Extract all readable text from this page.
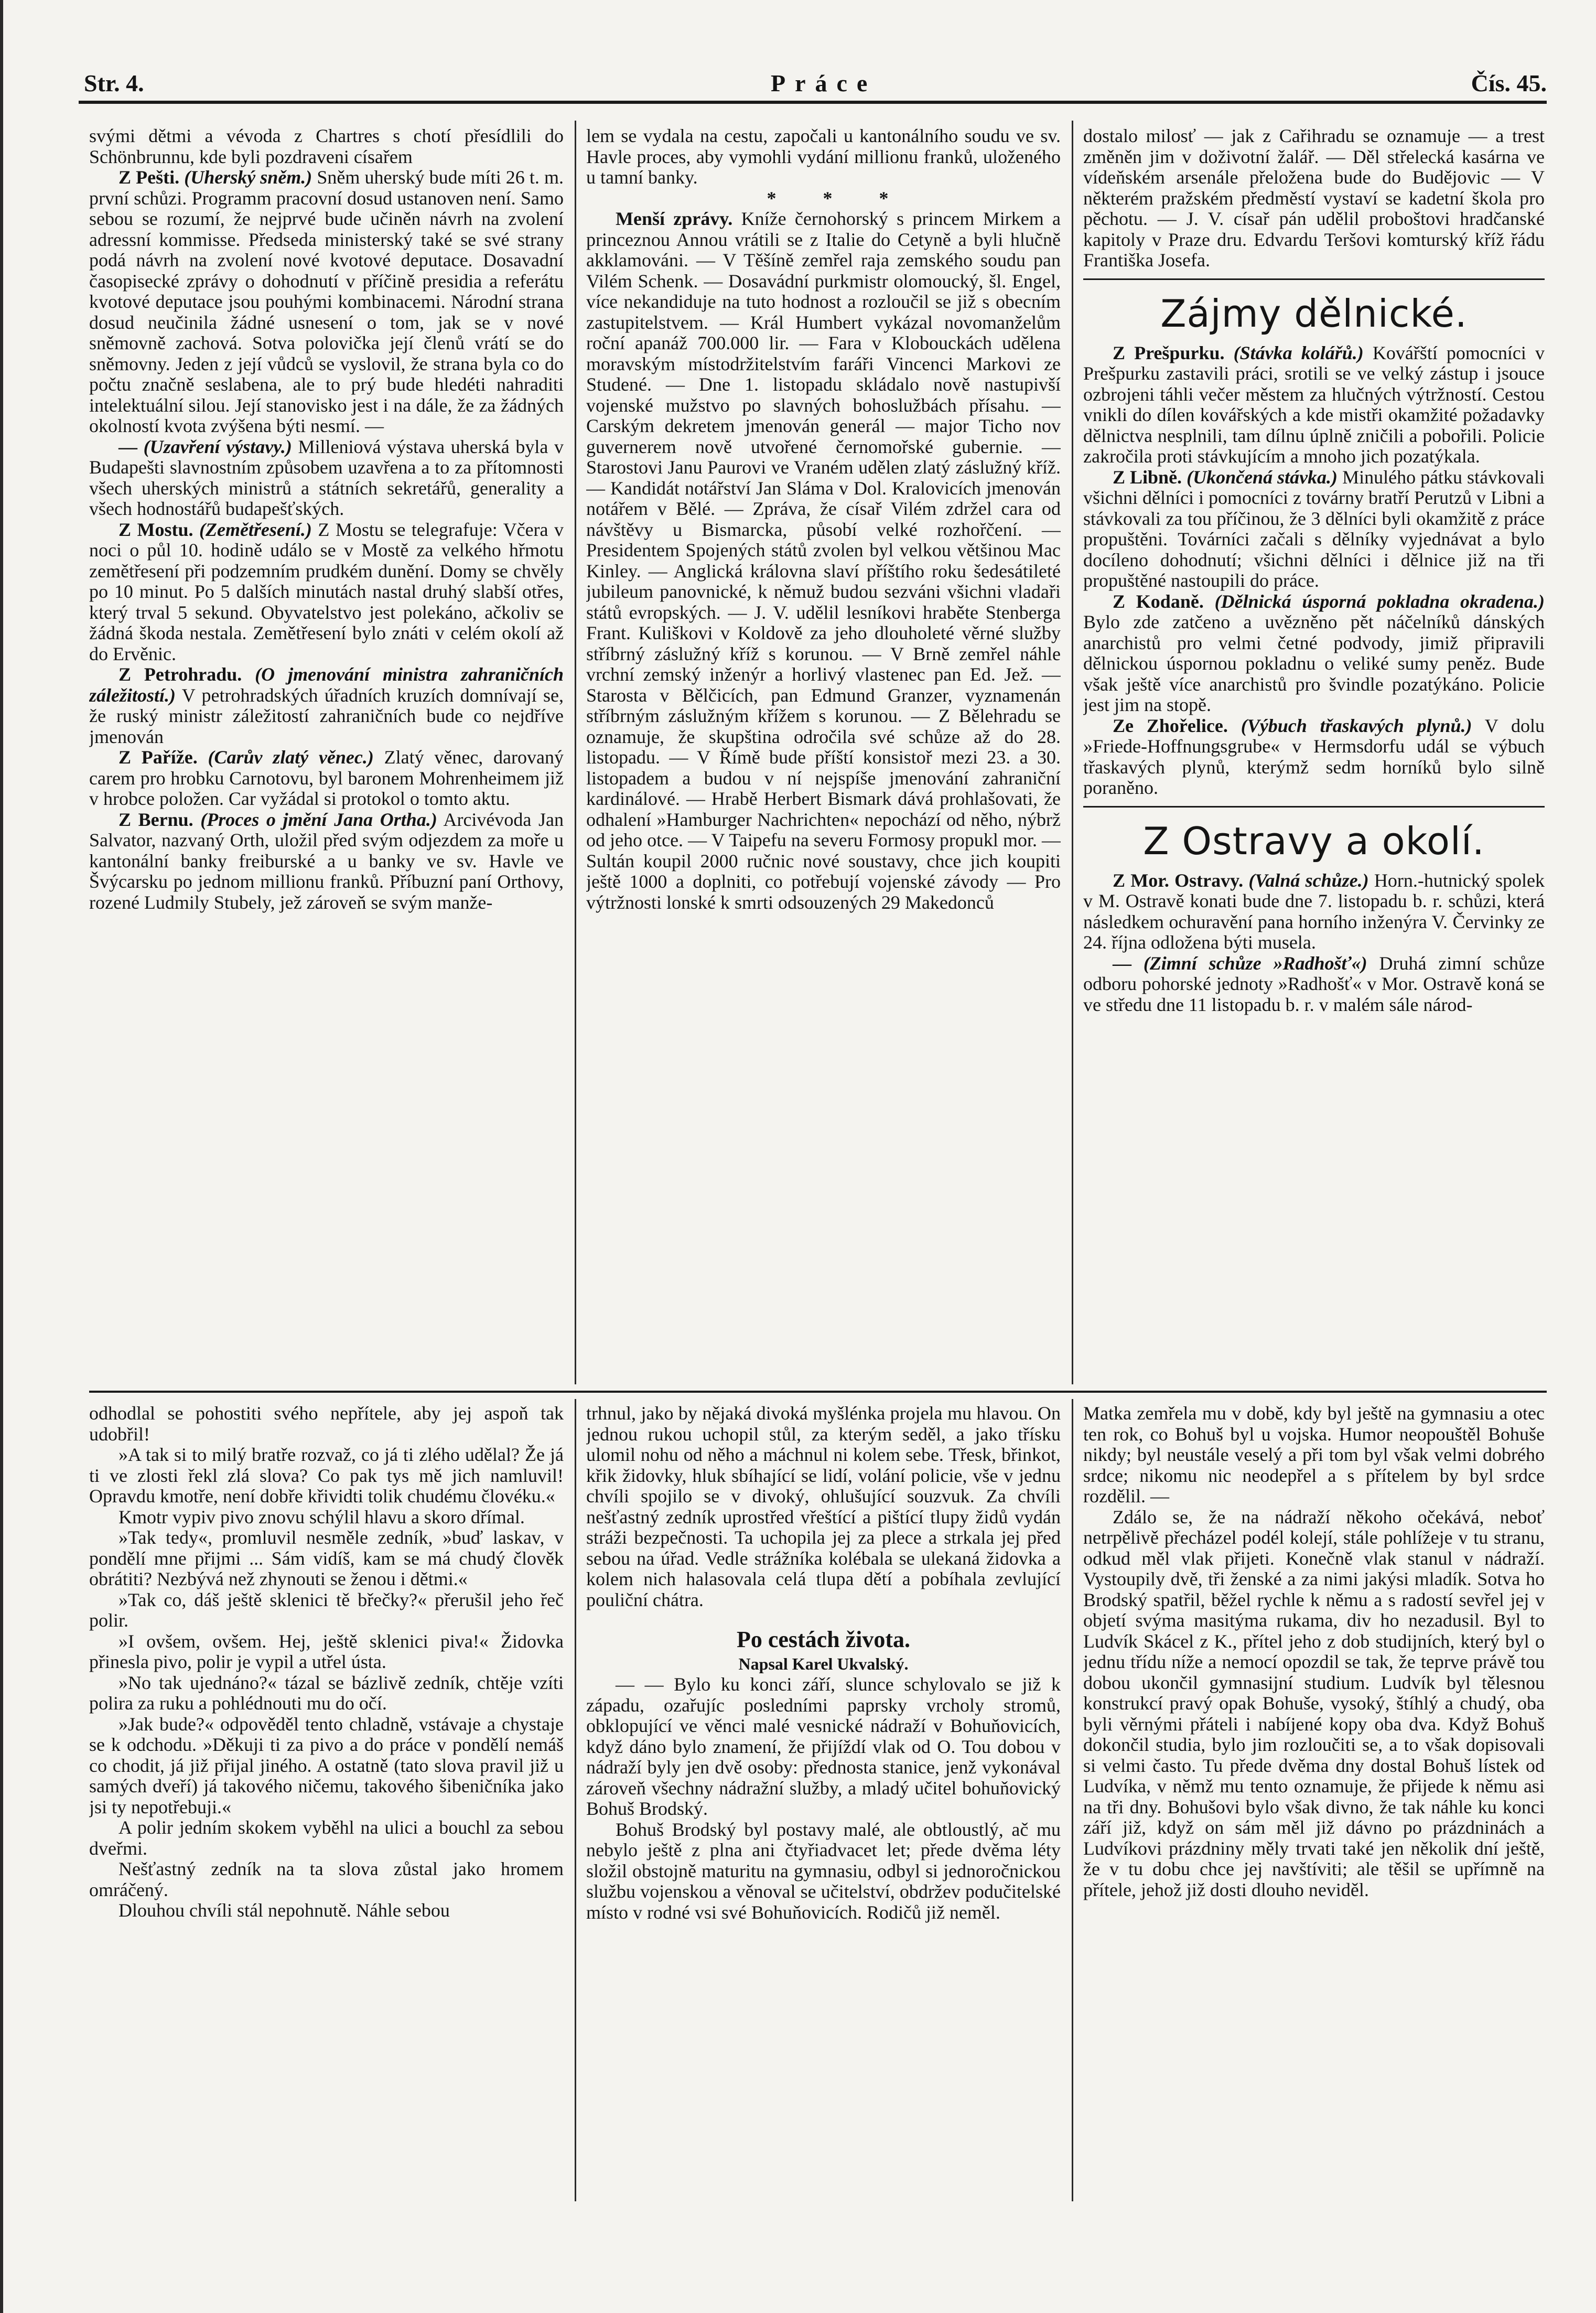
Str. 4.	Práce	Čís. 45.

svými dětmi a vévoda z Chartres s chotí přesídlili do Schönbrunnu, kde byli pozdraveni císařem

Z Pešti. (Uherský sněm.) Sněm uherský bude míti 26 t. m. první schůzi. Programm pracovní dosud ustanoven není. Samo sebou se rozumí, že nejprvé bude učiněn návrh na zvolení adressní kommisse. Předseda ministerský také se své strany podá návrh na zvolení nové kvotové deputace. Dosavadní časopisecké zprávy o dohodnutí v příčině presidia a referátu kvotové deputace jsou pouhými kombinacemi. Národní strana dosud neučinila žádné usnesení o tom, jak se v nové sněmovně zachová. Sotva polovička její členů vrátí se do sněmovny. Jeden z její vůdců se vyslovil, že strana byla co do počtu značně seslabena, ale to prý bude hledéti nahraditi intelektuální silou. Její stanovisko jest i na dále, že za žádných okolností kvota zvýšena býti nesmí. —

— (Uzavření výstavy.) Milleniová výstava uherská byla v Budapešti slavnostním způsobem uzavřena a to za přítomnosti všech uherských ministrů a státních sekretářů, generality a všech hodnostářů budapešťských.

Z Mostu. (Zemětřesení.) Z Mostu se telegrafuje: Včera v noci o půl 10. hodině událo se v Mostě za velkého hřmotu zemětřesení při podzemním prudkém dunění. Domy se chvěly po 10 minut. Po 5 dalších minutách nastal druhý slabší otřes, který trval 5 sekund. Obyvatelstvo jest polekáno, ačkoliv se žádná škoda nestala. Zemětřesení bylo znáti v celém okolí až do Ervěnic.

Z Petrohradu. (O jmenování ministra zahraničních záležitostí.) V petrohradských úřadních kruzích domnívají se, že ruský ministr záležitostí zahraničních bude co nejdříve jmenován

Z Paříže. (Carův zlatý věnec.) Zlatý věnec, darovaný carem pro hrobku Carnotovu, byl baronem Mohrenheimem již v hrobce položen. Car vyžádal si protokol o tomto aktu.

Z Bernu. (Proces o jmění Jana Ortha.) Arcivévoda Jan Salvator, nazvaný Orth, uložil před svým odjezdem za moře u kantonální banky freiburské a u banky ve sv. Havle ve Švýcarsku po jednom millionu franků. Příbuzní paní Orthovy, rozené Ludmily Stubely, jež zároveň se svým manže-

lem se vydala na cestu, započali u kantonálního soudu ve sv. Havle proces, aby vymohli vydání millionu franků, uloženého u tamní banky.

* * *

Menší zprávy. Kníže černohorský s princem Mirkem a princeznou Annou vrátili se z Italie do Cetyně a byli hlučně akklamováni. — V Těšíně zemřel raja zemského soudu pan Vilém Schenk. — Dosavádní purkmistr olomoucký, šl. Engel, více nekandiduje na tuto hodnost a rozloučil se již s obecním zastupitelstvem. — Král Humbert vykázal novomanželům roční apanáž 700.000 lir. — Fara v Klobouckách udělena moravským místodržitelstvím faráři Vincenci Markovi ze Studené. — Dne 1. listopadu skládalo nově nastupivší vojenské mužstvo po slavných bohoslužbách přísahu. — Carským dekretem jmenován generál — major Ticho nov guvernerem nově utvořené černomořské gubernie. — Starostovi Janu Paurovi ve Vraném udělen zlatý záslužný kříž. — Kandidát notářství Jan Sláma v Dol. Kralovicích jmenován notářem v Bělé. — Zpráva, že císař Vilém zdržel cara od návštěvy u Bismarcka, působí velké rozhořčení. — Presidentem Spojených států zvolen byl velkou většinou Mac Kinley. — Anglická královna slaví příštího roku šedesátileté jubileum panovnické, k němuž budou sezváni všichni vladaři států evropských. — J. V. udělil lesníkovi hraběte Stenberga Frant. Kuliškovi v Koldově za jeho dlouholeté věrné služby stříbrný záslužný kříž s korunou. — V Brně zemřel náhle vrchní zemský inženýr a horlivý vlastenec pan Ed. Jež. — Starosta v Bělčicích, pan Edmund Granzer, vyznamenán stříbrným záslužným křížem s korunou. — Z Bělehradu se oznamuje, že skupština odročila své schůze až do 28. listopadu. — V Římě bude příští konsistoř mezi 23. a 30. listopadem a budou v ní nejspíše jmenování zahraniční kardinálové. — Hrabě Herbert Bismark dává prohlašovati, že odhalení »Hamburger Nachrichten« nepochází od něho, nýbrž od jeho otce. — V Taipefu na severu Formosy propukl mor. — Sultán koupil 2000 ručnic nové soustavy, chce jich koupiti ještě 1000 a doplniti, co potřebují vojenské závody — Pro výtržnosti lonské k smrti odsouzených 29 Makedonců

dostalo milosť — jak z Cařihradu se oznamuje — a trest změněn jim v doživotní žalář. — Děl střelecká kasárna ve vídeňském arsenále přeložena bude do Budějovic — V některém pražském předměstí vystaví se kadetní škola pro pěchotu. — J. V. císař pán udělil proboštovi hradčanské kapitoly v Praze dru. Edvardu Teršovi komturský kříž řádu Františka Josefa.

Zájmy dělnické.

Z Prešpurku. (Stávka kolářů.) Kovářští pomocníci v Prešpurku zastavili práci, srotili se ve velký zástup i jsouce ozbrojeni táhli večer městem za hlučných výtržností. Cestou vnikli do dílen kovářských a kde mistři okamžité požadavky dělnictva nesplnili, tam dílnu úplně zničili a pobořili. Policie zakročila proti stávkujícím a mnoho jich pozatýkala.

Z Libně. (Ukončená stávka.) Minulého pátku stávkovali všichni dělníci i pomocníci z továrny bratří Perutzů v Libni a stávkovali za tou příčinou, že 3 dělníci byli okamžitě z práce propuštěni. Továrníci začali s dělníky vyjednávat a bylo docíleno dohodnutí; všichni dělníci i dělnice již na tři propuštěné nastoupili do práce.

Z Kodaně. (Dělnická úsporná pokladna okradena.) Bylo zde zatčeno a uvězněno pět náčelníků dánských anarchistů pro velmi četné podvody, jimiž připravili dělnickou úspornou pokladnu o veliké sumy peněz. Bude však ještě více anarchistů pro švindle pozatýkáno. Policie jest jim na stopě.

Ze Zhořelice. (Výbuch třaskavých plynů.) V dolu »Friede-Hoffnungsgrube« v Hermsdorfu udál se výbuch třaskavých plynů, kterýmž sedm horníků bylo silně poraněno.

Z Ostravy a okolí.

Z Mor. Ostravy. (Valná schůze.) Horn.-hutnický spolek v M. Ostravě konati bude dne 7. listopadu b. r. schůzi, která následkem ochuravění pana horního inženýra V. Červinky ze 24. října odložena býti musela.

— (Zimní schůze »Radhošť«) Druhá zimní schůze odboru pohorské jednoty »Radhošť« v Mor. Ostravě koná se ve středu dne 11 listopadu b. r. v malém sále národ-

odhodlal se pohostiti svého nepřítele, aby jej aspoň tak udobřil!

»A tak si to milý bratře rozvaž, co já ti zlého udělal? Že já ti ve zlosti řekl zlá slova? Co pak tys mě jich namluvil! Opravdu kmotře, není dobře křividti tolik chudému človéku.«

Kmotr vypiv pivo znovu schýlil hlavu a skoro dřímal.

»Tak tedy«, promluvil nesměle zedník, »buď laskav, v pondělí mne přijmi ... Sám vidíš, kam se má chudý člověk obrátiti? Nezbývá než zhynouti se ženou i dětmi.«

»Tak co, dáš ještě sklenici tě břečky?« přerušil jeho řeč polir.

»I ovšem, ovšem. Hej, ještě sklenici piva!« Židovka přinesla pivo, polir je vypil a utřel ústa.

»No tak ujednáno?« tázal se bázlivě zedník, chtěje vzíti polira za ruku a pohlédnouti mu do očí.

»Jak bude?« odpověděl tento chladně, vstávaje a chystaje se k odchodu. »Děkuji ti za pivo a do práce v pondělí nemáš co chodit, já již přijal jiného. A ostatně (tato slova pravil již u samých dveří) já takového ničemu, takového šibeničníka jako jsi ty nepotřebuji.«

A polir jedním skokem vyběhl na ulici a bouchl za sebou dveřmi.

Nešťastný zedník na ta slova zůstal jako hromem omráčený.

Dlouhou chvíli stál nepohnutě. Náhle sebou

trhnul, jako by nějaká divoká myšlénka projela mu hlavou. On jednou rukou uchopil stůl, za kterým seděl, a jako třísku ulomil nohu od něho a máchnul ni kolem sebe. Třesk, břinkot, křik židovky, hluk sbíhající se lidí, volání policie, vše v jednu chvíli spojilo se v divoký, ohlušující souzvuk. Za chvíli nešťastný zedník uprostřed vřeštící a pištící tlupy židů vydán stráži bezpečnosti. Ta uchopila jej za plece a strkala jej před sebou na úřad. Vedle strážníka kolébala se ulekaná židovka a kolem nich halasovala celá tlupa dětí a pobíhala zevlující pouliční chátra.

Po cestách života.
Napsal Karel Ukvalský.

— — Bylo ku konci září, slunce schylovalo se již k západu, ozařujíc posledními paprsky vrcholy stromů, obklopující ve věnci malé vesnické nádraží v Bohuňovicích, když dáno bylo znamení, že přijíždí vlak od O. Tou dobou v nádraží byly jen dvě osoby: přednosta stanice, jenž vykonával zároveň všechny nádražní služby, a mladý učitel bohuňovický Bohuš Brodský.

Bohuš Brodský byl postavy malé, ale obtloustlý, ač mu nebylo ještě z plna ani čtyřiadvacet let; přede dvěma léty složil obstojně maturitu na gymnasiu, odbyl si jednoročnickou službu vojenskou a věnoval se učitelství, obdržev podučitelské místo v rodné vsi své Bohuňovicích. Rodičů již neměl.

Matka zemřela mu v době, kdy byl ještě na gymnasiu a otec ten rok, co Bohuš byl u vojska. Humor neopouštěl Bohuše nikdy; byl neustále veselý a při tom byl však velmi dobrého srdce; nikomu nic neodepřel a s přítelem by byl srdce rozdělil. —

Zdálo se, že na nádraží někoho očekává, neboť netrpělivě přecházel podél kolejí, stále pohlížeje v tu stranu, odkud měl vlak přijeti. Konečně vlak stanul v nádraží. Vystoupily dvě, tři ženské a za nimi jakýsi mladík. Sotva ho Brodský spatřil, běžel rychle k němu a s radostí sevřel jej v objetí svýma masitýma rukama, div ho nezadusil. Byl to Ludvík Skácel z K., přítel jeho z dob studijních, který byl o jednu třídu níže a nemocí opozdil se tak, že teprve právě tou dobou ukončil gymnasijní studium. Ludvík byl tělesnou konstrukcí pravý opak Bohuše, vysoký, štíhlý a chudý, oba byli věrnými přáteli i nabíjené kopy oba dva. Když Bohuš dokončil studia, bylo jim rozloučiti se, a to však dopisovali si velmi často. Tu přede dvěma dny dostal Bohuš lístek od Ludvíka, v němž mu tento oznamuje, že přijede k němu asi na tři dny. Bohušovi bylo však divno, že tak náhle ku konci září již, když on sám měl již dávno po prázdninách a Ludvíkovi prázdniny měly trvati také jen několik dní ještě, že v tu dobu chce jej navštíviti; ale těšil se upřímně na přítele, jehož již dosti dlouho neviděl.
